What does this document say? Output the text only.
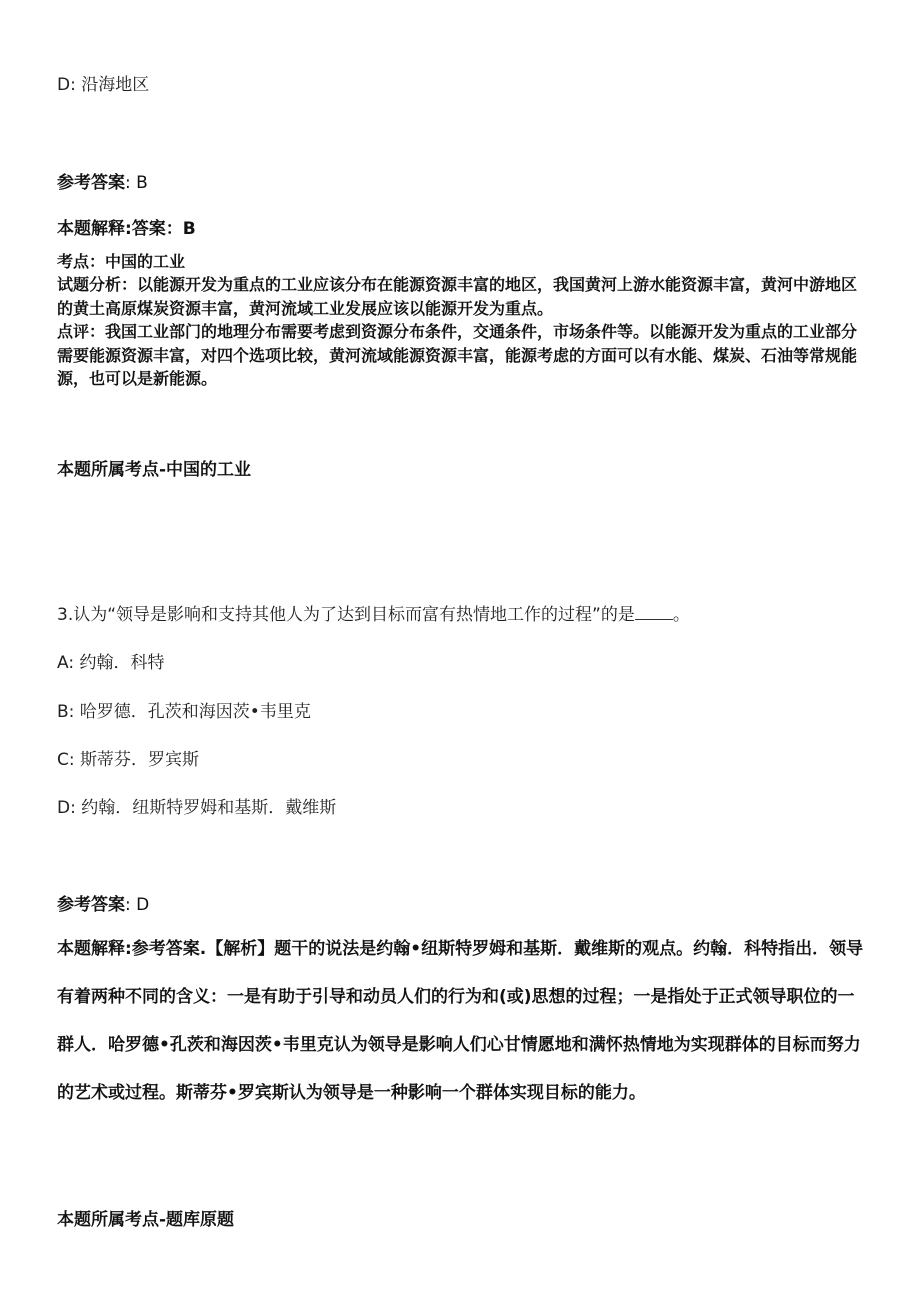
D: 沿海地区

参考答案: B

本题解释:答案：B

考点：中国的工业

试题分析：以能源开发为重点的工业应该分布在能源资源丰富的地区，我国黄河上游水能资源丰富，黄河中游地区的黄土高原煤炭资源丰富，黄河流域工业发展应该以能源开发为重点。

点评：我国工业部门的地理分布需要考虑到资源分布条件，交通条件，市场条件等。以能源开发为重点的工业部分需要能源资源丰富，对四个选项比较，黄河流域能源资源丰富，能源考虑的方面可以有水能、煤炭、石油等常规能源，也可以是新能源。

本题所属考点-中国的工业

3.认为“领导是影响和支持其他人为了达到目标而富有热情地工作的过程”的是 。

A: 约翰．科特

B: 哈罗德．孔茨和海因茨•韦里克

C: 斯蒂芬．罗宾斯

D: 约翰．纽斯特罗姆和基斯．戴维斯

参考答案: D

本题解释:参考答案.【解析】题干的说法是约翰•纽斯特罗姆和基斯．戴维斯的观点。约翰．科特指出．领导有着两种不同的含义：一是有助于引导和动员人们的行为和(或)思想的过程；一是指处于正式领导职位的一群人．哈罗德•孔茨和海因茨•韦里克认为领导是影响人们心甘情愿地和满怀热情地为实现群体的目标而努力的艺术或过程。斯蒂芬•罗宾斯认为领导是一种影响一个群体实现目标的能力。

本题所属考点-题库原题
